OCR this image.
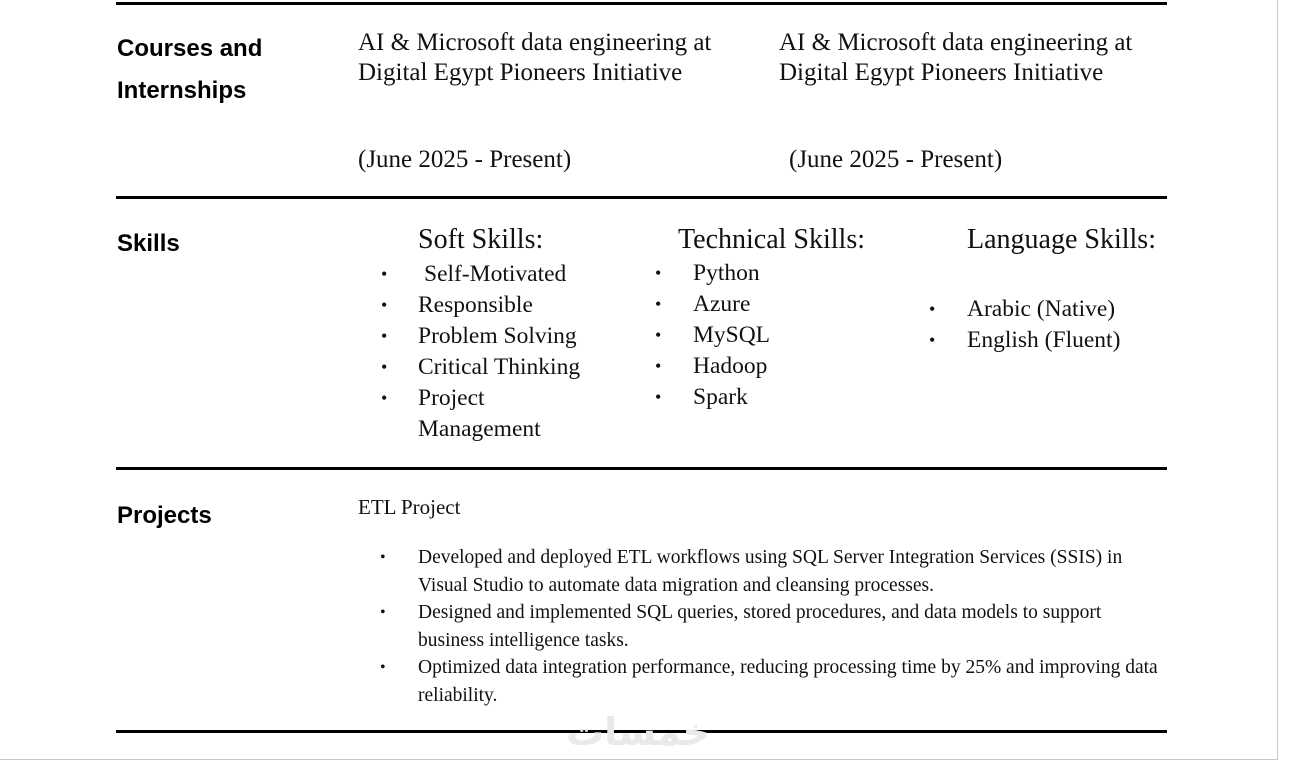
Courses and
Internships
AI & Microsoft data engineering at Digital Egypt Pioneers Initiative
(June 2025 - Present)
AI & Microsoft data engineering at Digital Egypt Pioneers Initiative
(June 2025 - Present)
Skills	Soft Skills:
• Self-Motivated
• Responsible
• Problem Solving
• Critical Thinking
• Project Management
Technical Skills:
• Python
• Azure
• MySQL
• Hadoop
• Spark
Language Skills:
• Arabic (Native)
• English (Fluent)
Projects	ETL Project
• Developed and deployed ETL workflows using SQL Server Integration Services (SSIS) in Visual Studio to automate data migration and cleansing processes.
• Designed and implemented SQL queries, stored procedures, and data models to support business intelligence tasks.
• Optimized data integration performance, reducing processing time by 25% and improving data reliability.
خمسات
